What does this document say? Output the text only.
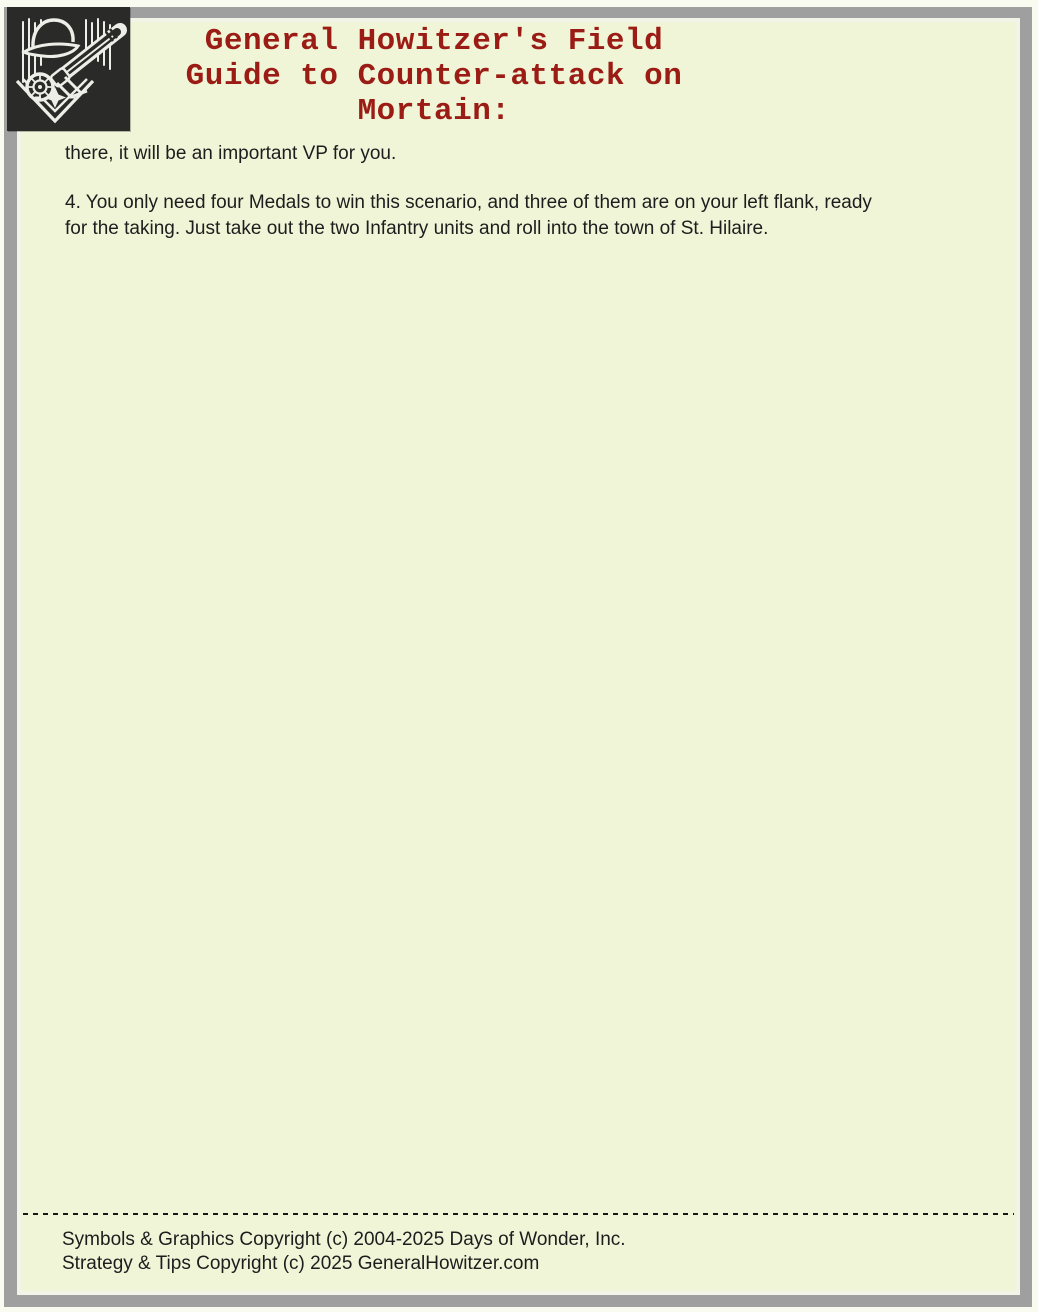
General Howitzer's Field
Guide to Counter-attack on
Mortain:
there, it will be an important VP for you.
4. You only need four Medals to win this scenario, and three of them are on your left flank, ready
for the taking. Just take out the two Infantry units and roll into the town of St. Hilaire.
Symbols & Graphics Copyright (c) 2004-2025 Days of Wonder, Inc.
Strategy & Tips Copyright (c) 2025 GeneralHowitzer.com
